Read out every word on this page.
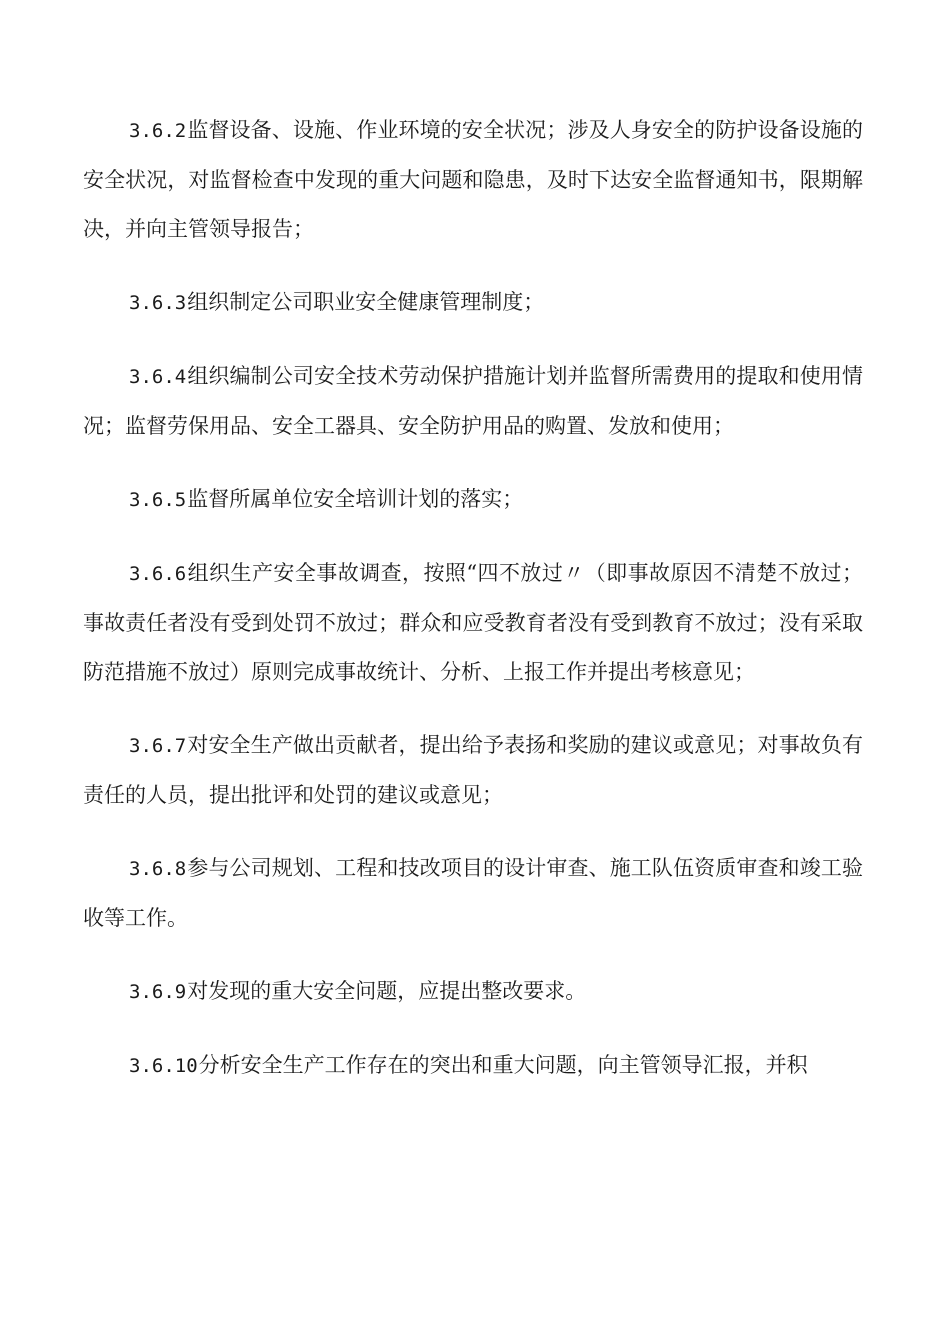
3.6.2监督设备、设施、作业环境的安全状况；涉及人身安全的防护设备设施的安全状况，对监督检查中发现的重大问题和隐患，及时下达安全监督通知书，限期解决，并向主管领导报告；

3.6.3组织制定公司职业安全健康管理制度；

3.6.4组织编制公司安全技术劳动保护措施计划并监督所需费用的提取和使用情况；监督劳保用品、安全工器具、安全防护用品的购置、发放和使用；

3.6.5监督所属单位安全培训计划的落实；

3.6.6组织生产安全事故调查，按照“四不放过〃（即事故原因不清楚不放过；事故责任者没有受到处罚不放过；群众和应受教育者没有受到教育不放过；没有采取防范措施不放过）原则完成事故统计、分析、上报工作并提出考核意见；

3.6.7对安全生产做出贡献者，提出给予表扬和奖励的建议或意见；对事故负有责任的人员，提出批评和处罚的建议或意见；

3.6.8参与公司规划、工程和技改项目的设计审查、施工队伍资质审查和竣工验收等工作。

3.6.9对发现的重大安全问题，应提出整改要求。

3.6.10分析安全生产工作存在的突出和重大问题，向主管领导汇报，并积
